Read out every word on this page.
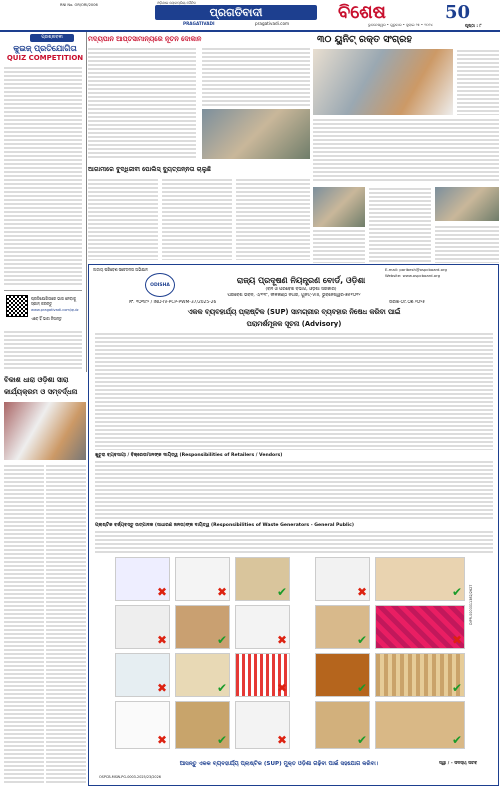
RNI No. OR/ORI/2006	ଓଡ଼ିଶାର ଲୋକପ୍ରିୟ ଦୈନିକ
ପ୍ରଗତିବାଦୀ
PRAGATIVADI	pragativadi.com
ବିଶେଷ	50
ଭୁବନେଶ୍ୱର • ଗୁରୁବାର • ଜୁଲାଇ ୨୫ • ୨୦୨୪	ପୃଷ୍ଠା : ୮
ପ୍ରଶ୍ନାବଳୀ
କୁଇଜ୍ ପ୍ରତିଯୋଗିତା
QUIZ COMPETITION
ପ୍ରତିଯୋଗିତାରେ ଭାଗ ନେବାକୁ ସ୍କାନ୍ କରନ୍ତୁ
www.pragativadi.com/quiz
ଏବେ ହିଁ ଭାଗ ନିଅନ୍ତୁ
ମଦ୍ୟପାନ ଆପ୍ତସାମାନ୍ୟରେ ନୂତନ ଦୋକାନ	୩୦ ୟୁନିଟ୍ ରକ୍ତ ସଂଗ୍ରହ
ଆଗାମୀରେ ବୁଦ୍ଧିଜୀବୀ ପୋଲିସ୍ ବ୍ୟୁତ୍ପନ୍ନତା ଚାଲୁଛି
ଜାତୀୟ ପରିବେଶ ସଚେତନତା ଅଭିଯାନ	E-mail: paribesh@ospcboard.org
Website: www.ospcboard.org
ODISHA
ରାଜ୍ୟ ପ୍ରଦୂଷଣ ନିୟନ୍ତ୍ରଣ ବୋର୍ଡ, ଓଡ଼ିଶା
(ବନ ଓ ପରିବେଶ ବିଭାଗ, ଓଡ଼ିଶା ସରକାର)
ପରିବେଶ ଭବନ, ଏ/୧୧୮, ନୀଳକଣ୍ଠ ନଗର, ୟୁନିଟ୍-VIII, ଭୁବନେଶ୍ୱର-୭୫୧୦୧୨
ନଂ. ୧୦୩୯୨ / IND-IV-PCP-PWM-37/2025-26	ତାରିଖ-୦୯.୦୭.୨୦୨୫
ଏକକ ବ୍ୟବହାର୍ଯ୍ୟ ପ୍ଲାଷ୍ଟିକ (SUP) ସାମଗ୍ରୀର ବ୍ୟବହାର ନିଷେଧ କରିବା ପାଇଁ
ପରାମର୍ଶମୂଳକ ସୂଚନା (Advisory)
ଖୁଚୁରା ବ୍ୟବସାୟୀ / ବିକ୍ରେତାମାନଙ୍କ ଦାୟିତ୍ୱ (Responsibilities of Retailers / Vendors)
ପ୍ଲାଷ୍ଟିକ ବର୍ଜ୍ୟବସ୍ତୁ ଉତ୍ପାଦକ (ସାଧାରଣ ଜନତା)ଙ୍କ ଦାୟିତ୍ୱ (Responsibilities of Waste Generators - General Public)
✖	✖	✔	✖	✔
✖	✔	✖	✔	✖
✖	✔	✖	✔	✔
✖	✔	✖	✔	✔
ଆସନ୍ତୁ ଏକକ ବ୍ୟବହାର୍ଯ୍ୟ ପ୍ଲାଷ୍ଟିକ (SUP) ମୁକ୍ତ ଓଡ଼ିଶା ଗଢ଼ିବା ପାଇଁ ସହଯୋଗ କରିବା।	ସ୍ୱା / - ସଦସ୍ୟ ସଚିବ
OSPCB-MSW-PG-0003-2025/23/2026
DIPR-0000011382/2627
ବିକାଶ ଧାରା ଓଡ଼ିଶା ସାରା
କାର୍ଯ୍ୟକ୍ରମ ଓ ସମ୍ବର୍ଦ୍ଧନା
